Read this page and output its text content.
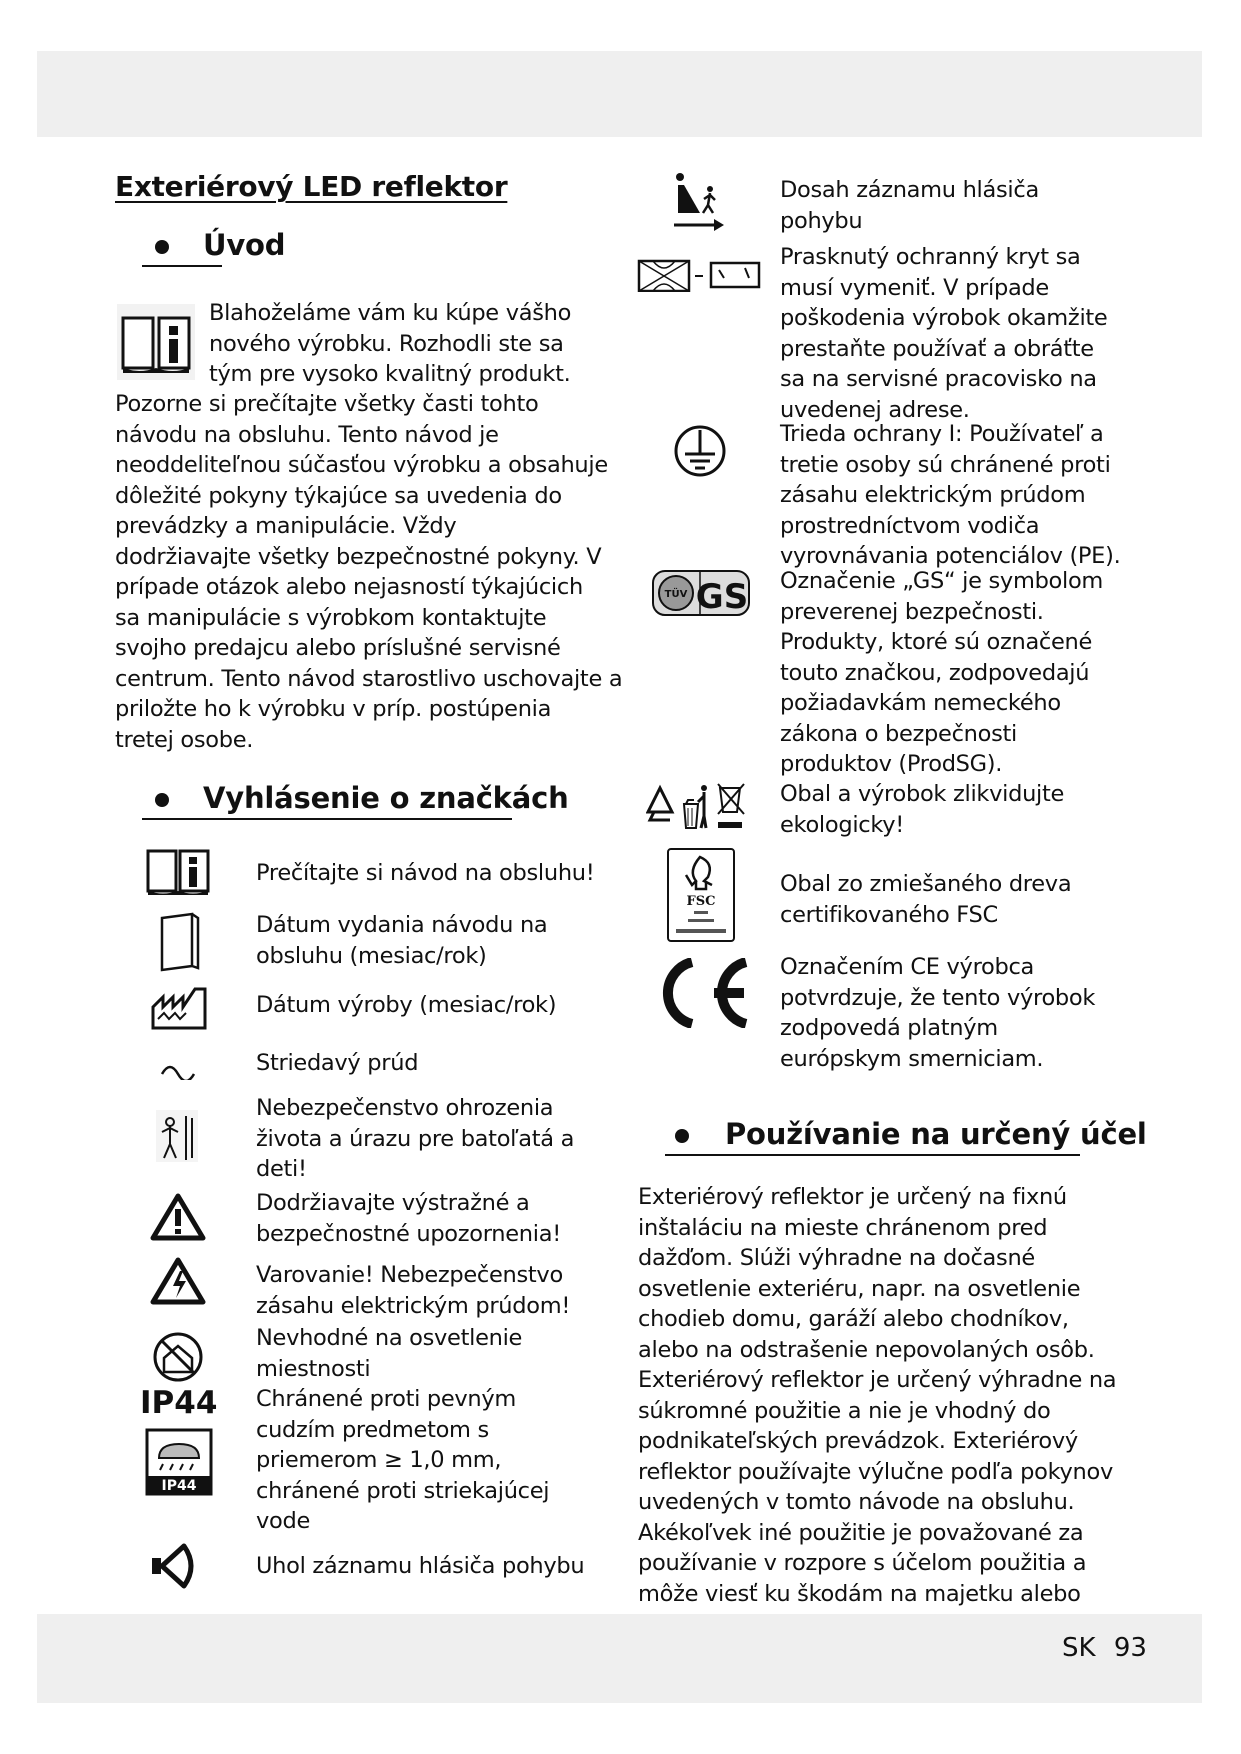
Exteriérový LED reflektor
Úvod
Blahoželáme vám ku kúpe vášho
nového výrobku. Rozhodli ste sa
tým pre vysoko kvalitný produkt.
Pozorne si prečítajte všetky časti tohto
návodu na obsluhu. Tento návod je
neoddeliteľnou súčasťou výrobku a obsahuje
dôležité pokyny týkajúce sa uvedenia do
prevádzky a manipulácie. Vždy
dodržiavajte všetky bezpečnostné pokyny. V
prípade otázok alebo nejasností týkajúcich
sa manipulácie s výrobkom kontaktujte
svojho predajcu alebo príslušné servisné
centrum. Tento návod starostlivo uschovajte a
priložte ho k výrobku v príp. postúpenia
tretej osobe.
Vyhlásenie o značkách
IP44
IP44
Prečítajte si návod na obsluhu!
Dátum vydania návodu na
obsluhu (mesiac/rok)
Dátum výroby (mesiac/rok)
Striedavý prúd
Nebezpečenstvo ohrozenia
života a úrazu pre batoľatá a
deti!
Dodržiavajte výstražné a
bezpečnostné upozornenia!
Varovanie! Nebezpečenstvo
zásahu elektrickým prúdom!
Nevhodné na osvetlenie
miestnosti
Chránené proti pevným
cudzím predmetom s
priemerom ≥ 1,0 mm,
chránené proti striekajúcej
vode
Uhol záznamu hlásiča pohybu
TÜV GS
FSC
Dosah záznamu hlásiča
pohybu
Prasknutý ochranný kryt sa
musí vymeniť. V prípade
poškodenia výrobok okamžite
prestaňte používať a obráťte
sa na servisné pracovisko na
uvedenej adrese.
Trieda ochrany I: Používateľ a
tretie osoby sú chránené proti
zásahu elektrickým prúdom
prostredníctvom vodiča
vyrovnávania potenciálov (PE).
Označenie „GS“ je symbolom
preverenej bezpečnosti.
Produkty, ktoré sú označené
touto značkou, zodpovedajú
požiadavkám nemeckého
zákona o bezpečnosti
produktov (ProdSG).
Obal a výrobok zlikvidujte
ekologicky!
Obal zo zmiešaného dreva
certifikovaného FSC
Označením CE výrobca
potvrdzuje, že tento výrobok
zodpovedá platným
európskym smerniciam.
Používanie na určený účel
Exteriérový reflektor je určený na fixnú
inštaláciu na mieste chránenom pred
dažďom. Slúži výhradne na dočasné
osvetlenie exteriéru, napr. na osvetlenie
chodieb domu, garáží alebo chodníkov,
alebo na odstrašenie nepovolaných osôb.
Exteriérový reflektor je určený výhradne na
súkromné použitie a nie je vhodný do
podnikateľských prevádzok. Exteriérový
reflektor používajte výlučne podľa pokynov
uvedených v tomto návode na obsluhu.
Akékoľvek iné použitie je považované za
používanie v rozpore s účelom použitia a
môže viesť ku škodám na majetku alebo
SK 93
